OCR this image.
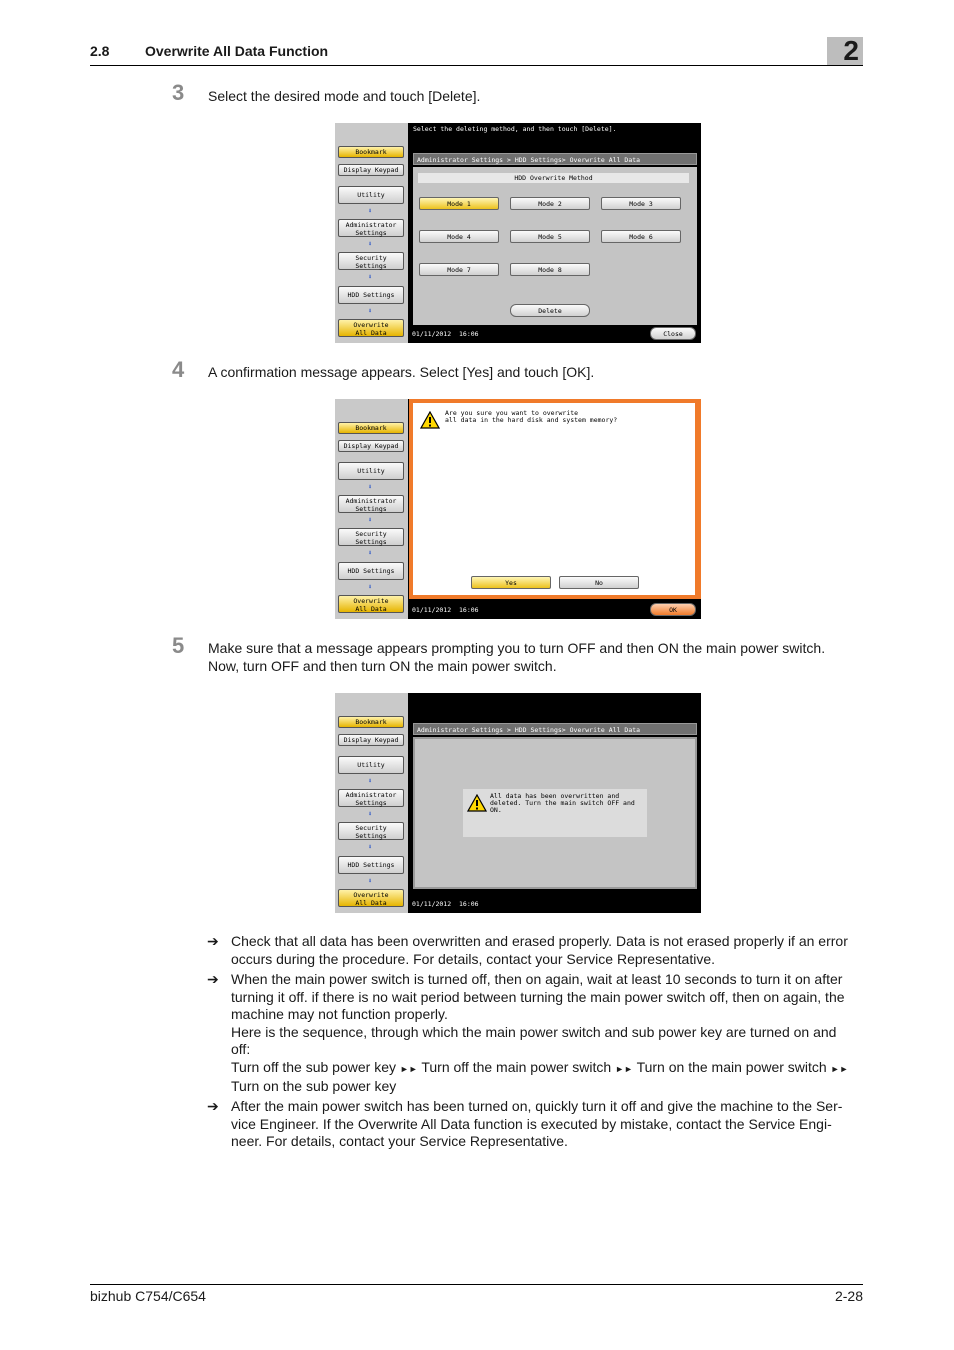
2.8	Overwrite All Data Function	2
3 Select the desired mode and touch [Delete].
Bookmark
Display Keypad
Utility
⬇
Administrator
Settings
⬇
Security
Settings
⬇
HDD Settings
⬇
Overwrite
All Data
Select the deleting method, and then touch [Delete].
Administrator Settings > HDD Settings> Overwrite All Data
HDD Overwrite Method
Mode 1	Mode 2	Mode 3
Mode 4	Mode 5	Mode 6
Mode 7	Mode 8
Delete
01/11/2012 16:06	Close
4 A confirmation message appears. Select [Yes] and touch [OK].
Bookmark
Display Keypad
Utility
⬇
Administrator
Settings
⬇
Security
Settings
⬇
HDD Settings
⬇
Overwrite
All Data
Are you sure you want to overwrite
all data in the hard disk and system memory?
Yes	No
01/11/2012 16:06	OK
5 Make sure that a message appears prompting you to turn OFF and then ON the main power switch.
Now, turn OFF and then turn ON the main power switch.
Bookmark
Display Keypad
Utility
⬇
Administrator
Settings
⬇
Security
Settings
⬇
HDD Settings
⬇
Overwrite
All Data
Administrator Settings > HDD Settings> Overwrite All Data
All data has been overwritten and
deleted. Turn the main switch OFF and ON.
01/11/2012 16:06
➔ Check that all data has been overwritten and erased properly. Data is not erased properly if an error
occurs during the procedure. For details, contact your Service Representative.
➔ When the main power switch is turned off, then on again, wait at least 10 seconds to turn it on after
turning it off. if there is no wait period between turning the main power switch off, then on again, the
machine may not function properly.
Here is the sequence, through which the main power switch and sub power key are turned on and
off:
Turn off the sub power key ►► Turn off the main power switch ►► Turn on the main power switch ►►
Turn on the sub power key
➔ After the main power switch has been turned on, quickly turn it off and give the machine to the Ser-
vice Engineer. If the Overwrite All Data function is executed by mistake, contact the Service Engi-
neer. For details, contact your Service Representative.
bizhub C754/C654	2-28
